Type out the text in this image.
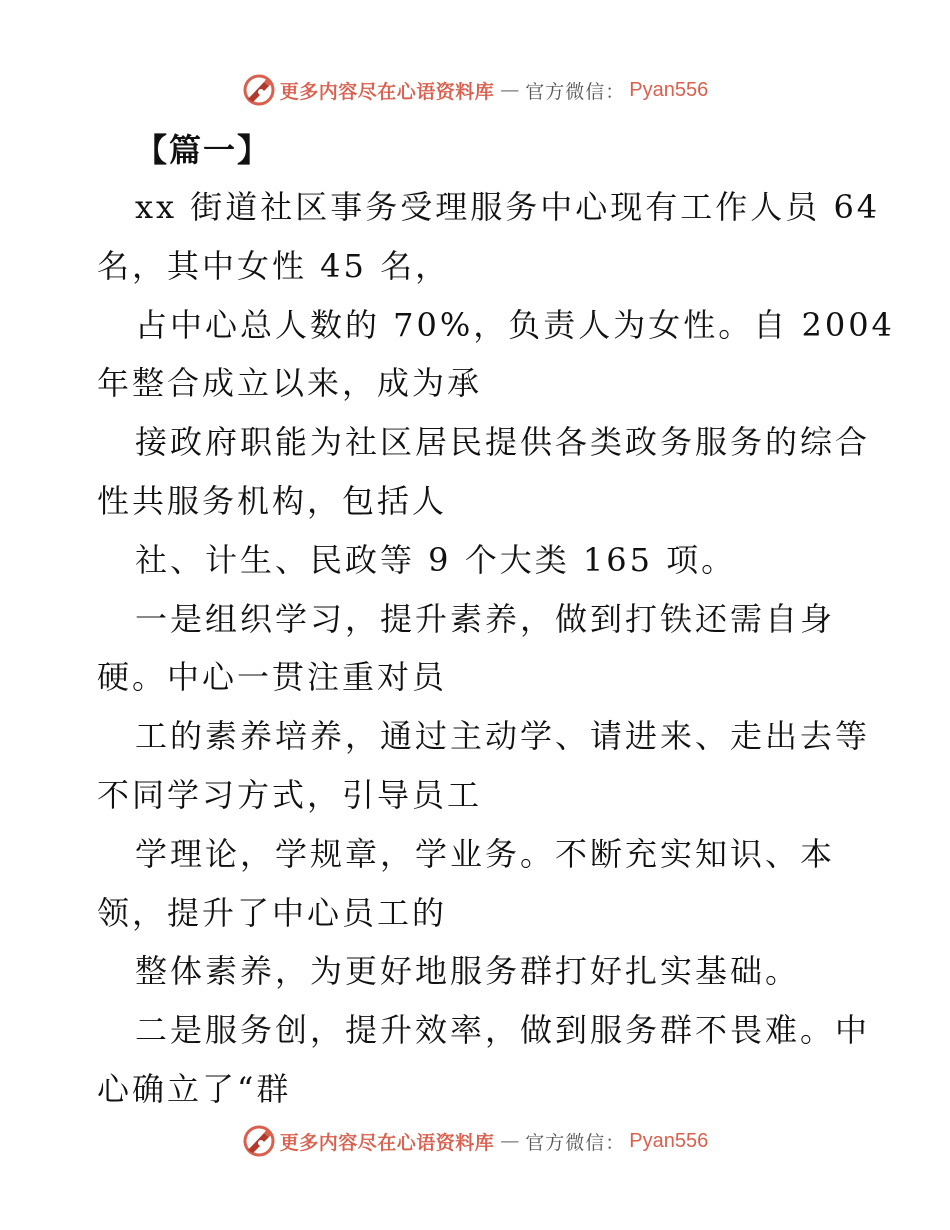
更多内容尽在心语资料库 — 官方微信： Pyan556
【篇一】

xx 街道社区事务受理服务中心现有工作人员 64
名，其中女性 45 名，

占中心总人数的 70%，负责人为女性。自 2004
年整合成立以来，成为承

接政府职能为社区居民提供各类政务服务的综合
性共服务机构，包括人

社、计生、民政等 9 个大类 165 项。

一是组织学习，提升素养，做到打铁还需自身
硬。中心一贯注重对员

工的素养培养，通过主动学、请进来、走出去等
不同学习方式，引导员工

学理论，学规章，学业务。不断充实知识、本
领，提升了中心员工的

整体素养，为更好地服务群打好扎实基础。

二是服务创，提升效率，做到服务群不畏难。中
心确立了“群

更多内容尽在心语资料库 — 官方微信： Pyan556
